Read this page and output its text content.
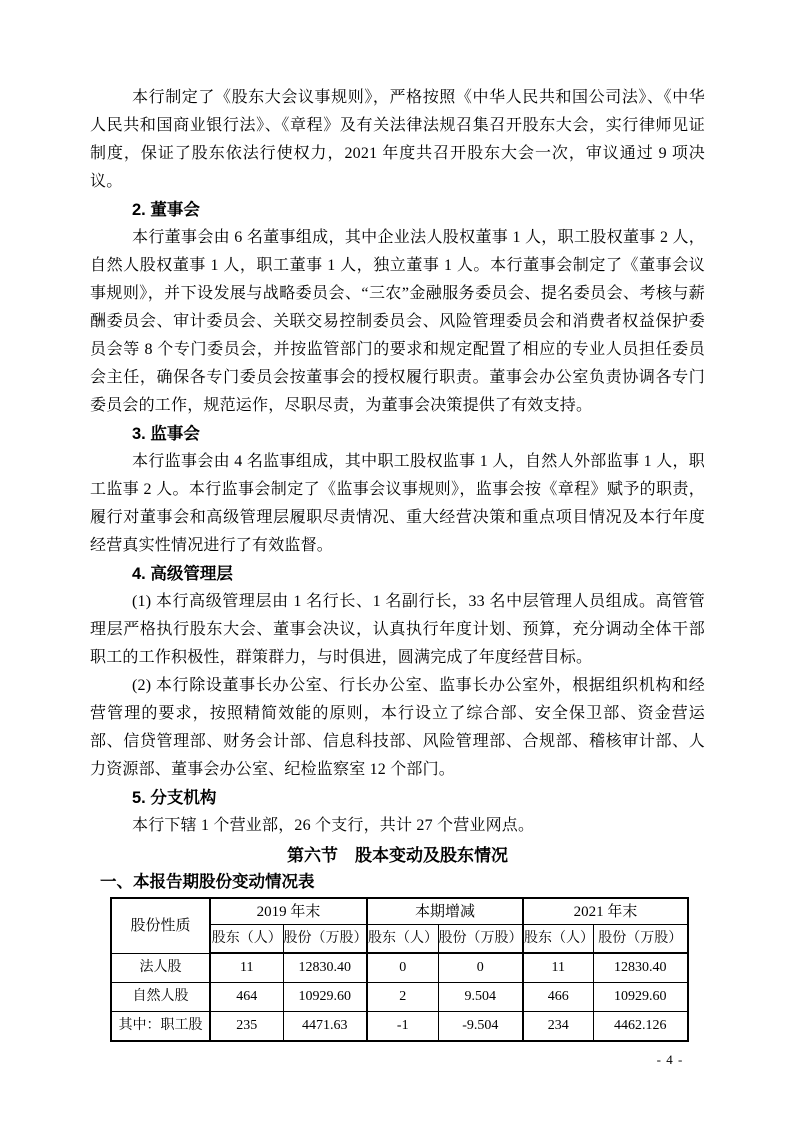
本行制定了《股东大会议事规则》，严格按照《中华人民共和国公司法》、《中华人民共和国商业银行法》、《章程》及有关法律法规召集召开股东大会，实行律师见证制度，保证了股东依法行使权力，2021 年度共召开股东大会一次，审议通过 9 项决议。

2. 董事会

本行董事会由 6 名董事组成，其中企业法人股权董事 1 人，职工股权董事 2 人，自然人股权董事 1 人，职工董事 1 人，独立董事 1 人。本行董事会制定了《董事会议事规则》，并下设发展与战略委员会、“三农”金融服务委员会、提名委员会、考核与薪酬委员会、审计委员会、关联交易控制委员会、风险管理委员会和消费者权益保护委员会等 8 个专门委员会，并按监管部门的要求和规定配置了相应的专业人员担任委员会主任，确保各专门委员会按董事会的授权履行职责。董事会办公室负责协调各专门委员会的工作，规范运作，尽职尽责，为董事会决策提供了有效支持。

3. 监事会

本行监事会由 4 名监事组成，其中职工股权监事 1 人，自然人外部监事 1 人，职工监事 2 人。本行监事会制定了《监事会议事规则》，监事会按《章程》赋予的职责，履行对董事会和高级管理层履职尽责情况、重大经营决策和重点项目情况及本行年度经营真实性情况进行了有效监督。

4. 高级管理层

(1) 本行高级管理层由 1 名行长、1 名副行长，33 名中层管理人员组成。高管管理层严格执行股东大会、董事会决议，认真执行年度计划、预算，充分调动全体干部职工的工作积极性，群策群力，与时俱进，圆满完成了年度经营目标。

(2) 本行除设董事长办公室、行长办公室、监事长办公室外，根据组织机构和经营管理的要求，按照精简效能的原则，本行设立了综合部、安全保卫部、资金营运部、信贷管理部、财务会计部、信息科技部、风险管理部、合规部、稽核审计部、人力资源部、董事会办公室、纪检监察室 12 个部门。

5. 分支机构

本行下辖 1 个营业部，26 个支行，共计 27 个营业网点。

第六节　股本变动及股东情况
一、本报告期股份变动情况表
股份性质	2019 年末		本期增减		2021 年末	
	股东（人）	股份（万股）	股东（人）	股份（万股）	股东（人）	股份（万股）
法人股	11	12830.40	0	0	11	12830.40
自然人股	464	10929.60	2	9.504	466	10929.60
其中：职工股	235	4471.63	-1	-9.504	234	4462.126
- 4 -
